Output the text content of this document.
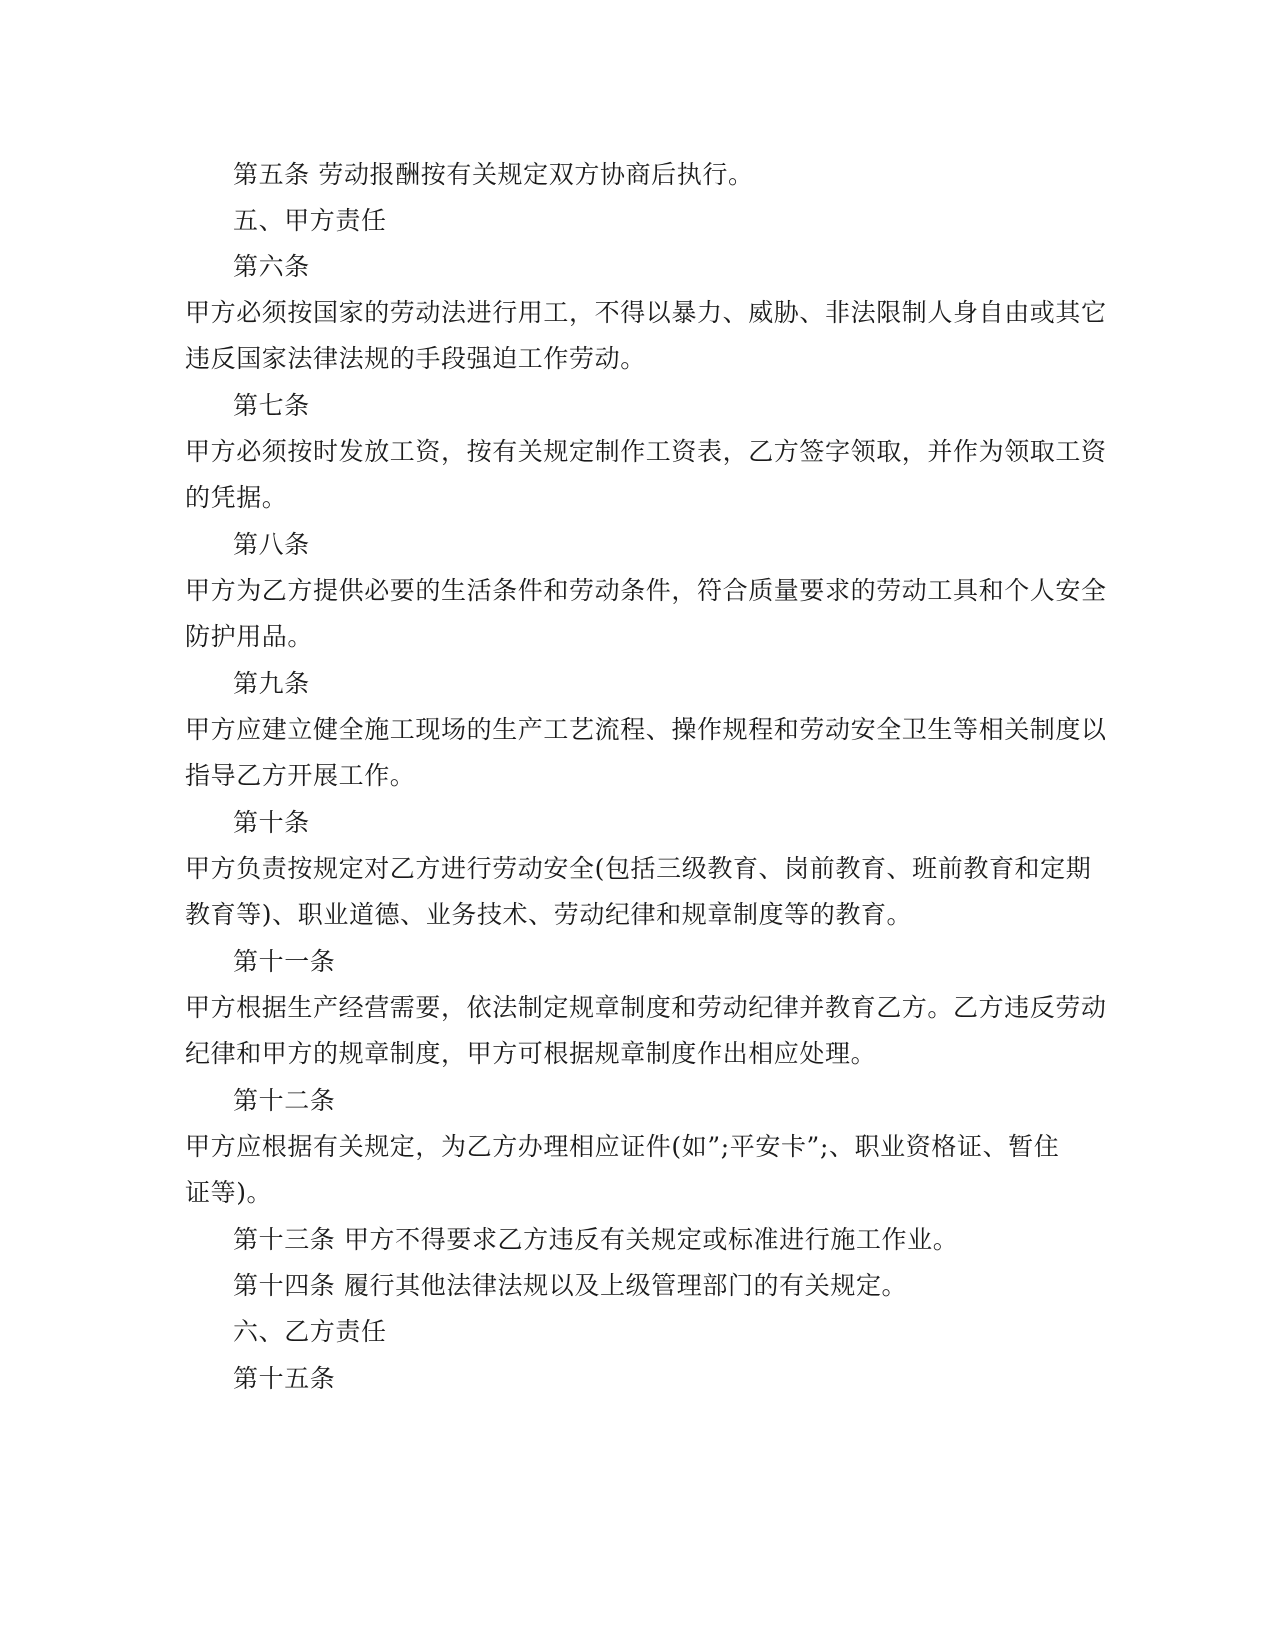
第五条 劳动报酬按有关规定双方协商后执行。
五、甲方责任
第六条
甲方必须按国家的劳动法进行用工，不得以暴力、威胁、非法限制人身自由或其它
违反国家法律法规的手段强迫工作劳动。
第七条
甲方必须按时发放工资，按有关规定制作工资表，乙方签字领取，并作为领取工资
的凭据。
第八条
甲方为乙方提供必要的生活条件和劳动条件，符合质量要求的劳动工具和个人安全
防护用品。
第九条
甲方应建立健全施工现场的生产工艺流程、操作规程和劳动安全卫生等相关制度以
指导乙方开展工作。
第十条
甲方负责按规定对乙方进行劳动安全(包括三级教育、岗前教育、班前教育和定期
教育等)、职业道德、业务技术、劳动纪律和规章制度等的教育。
第十一条
甲方根据生产经营需要，依法制定规章制度和劳动纪律并教育乙方。乙方违反劳动
纪律和甲方的规章制度，甲方可根据规章制度作出相应处理。
第十二条
甲方应根据有关规定，为乙方办理相应证件(如”;平安卡”;、职业资格证、暂住
证等)。
第十三条 甲方不得要求乙方违反有关规定或标准进行施工作业。
第十四条 履行其他法律法规以及上级管理部门的有关规定。
六、乙方责任
第十五条
